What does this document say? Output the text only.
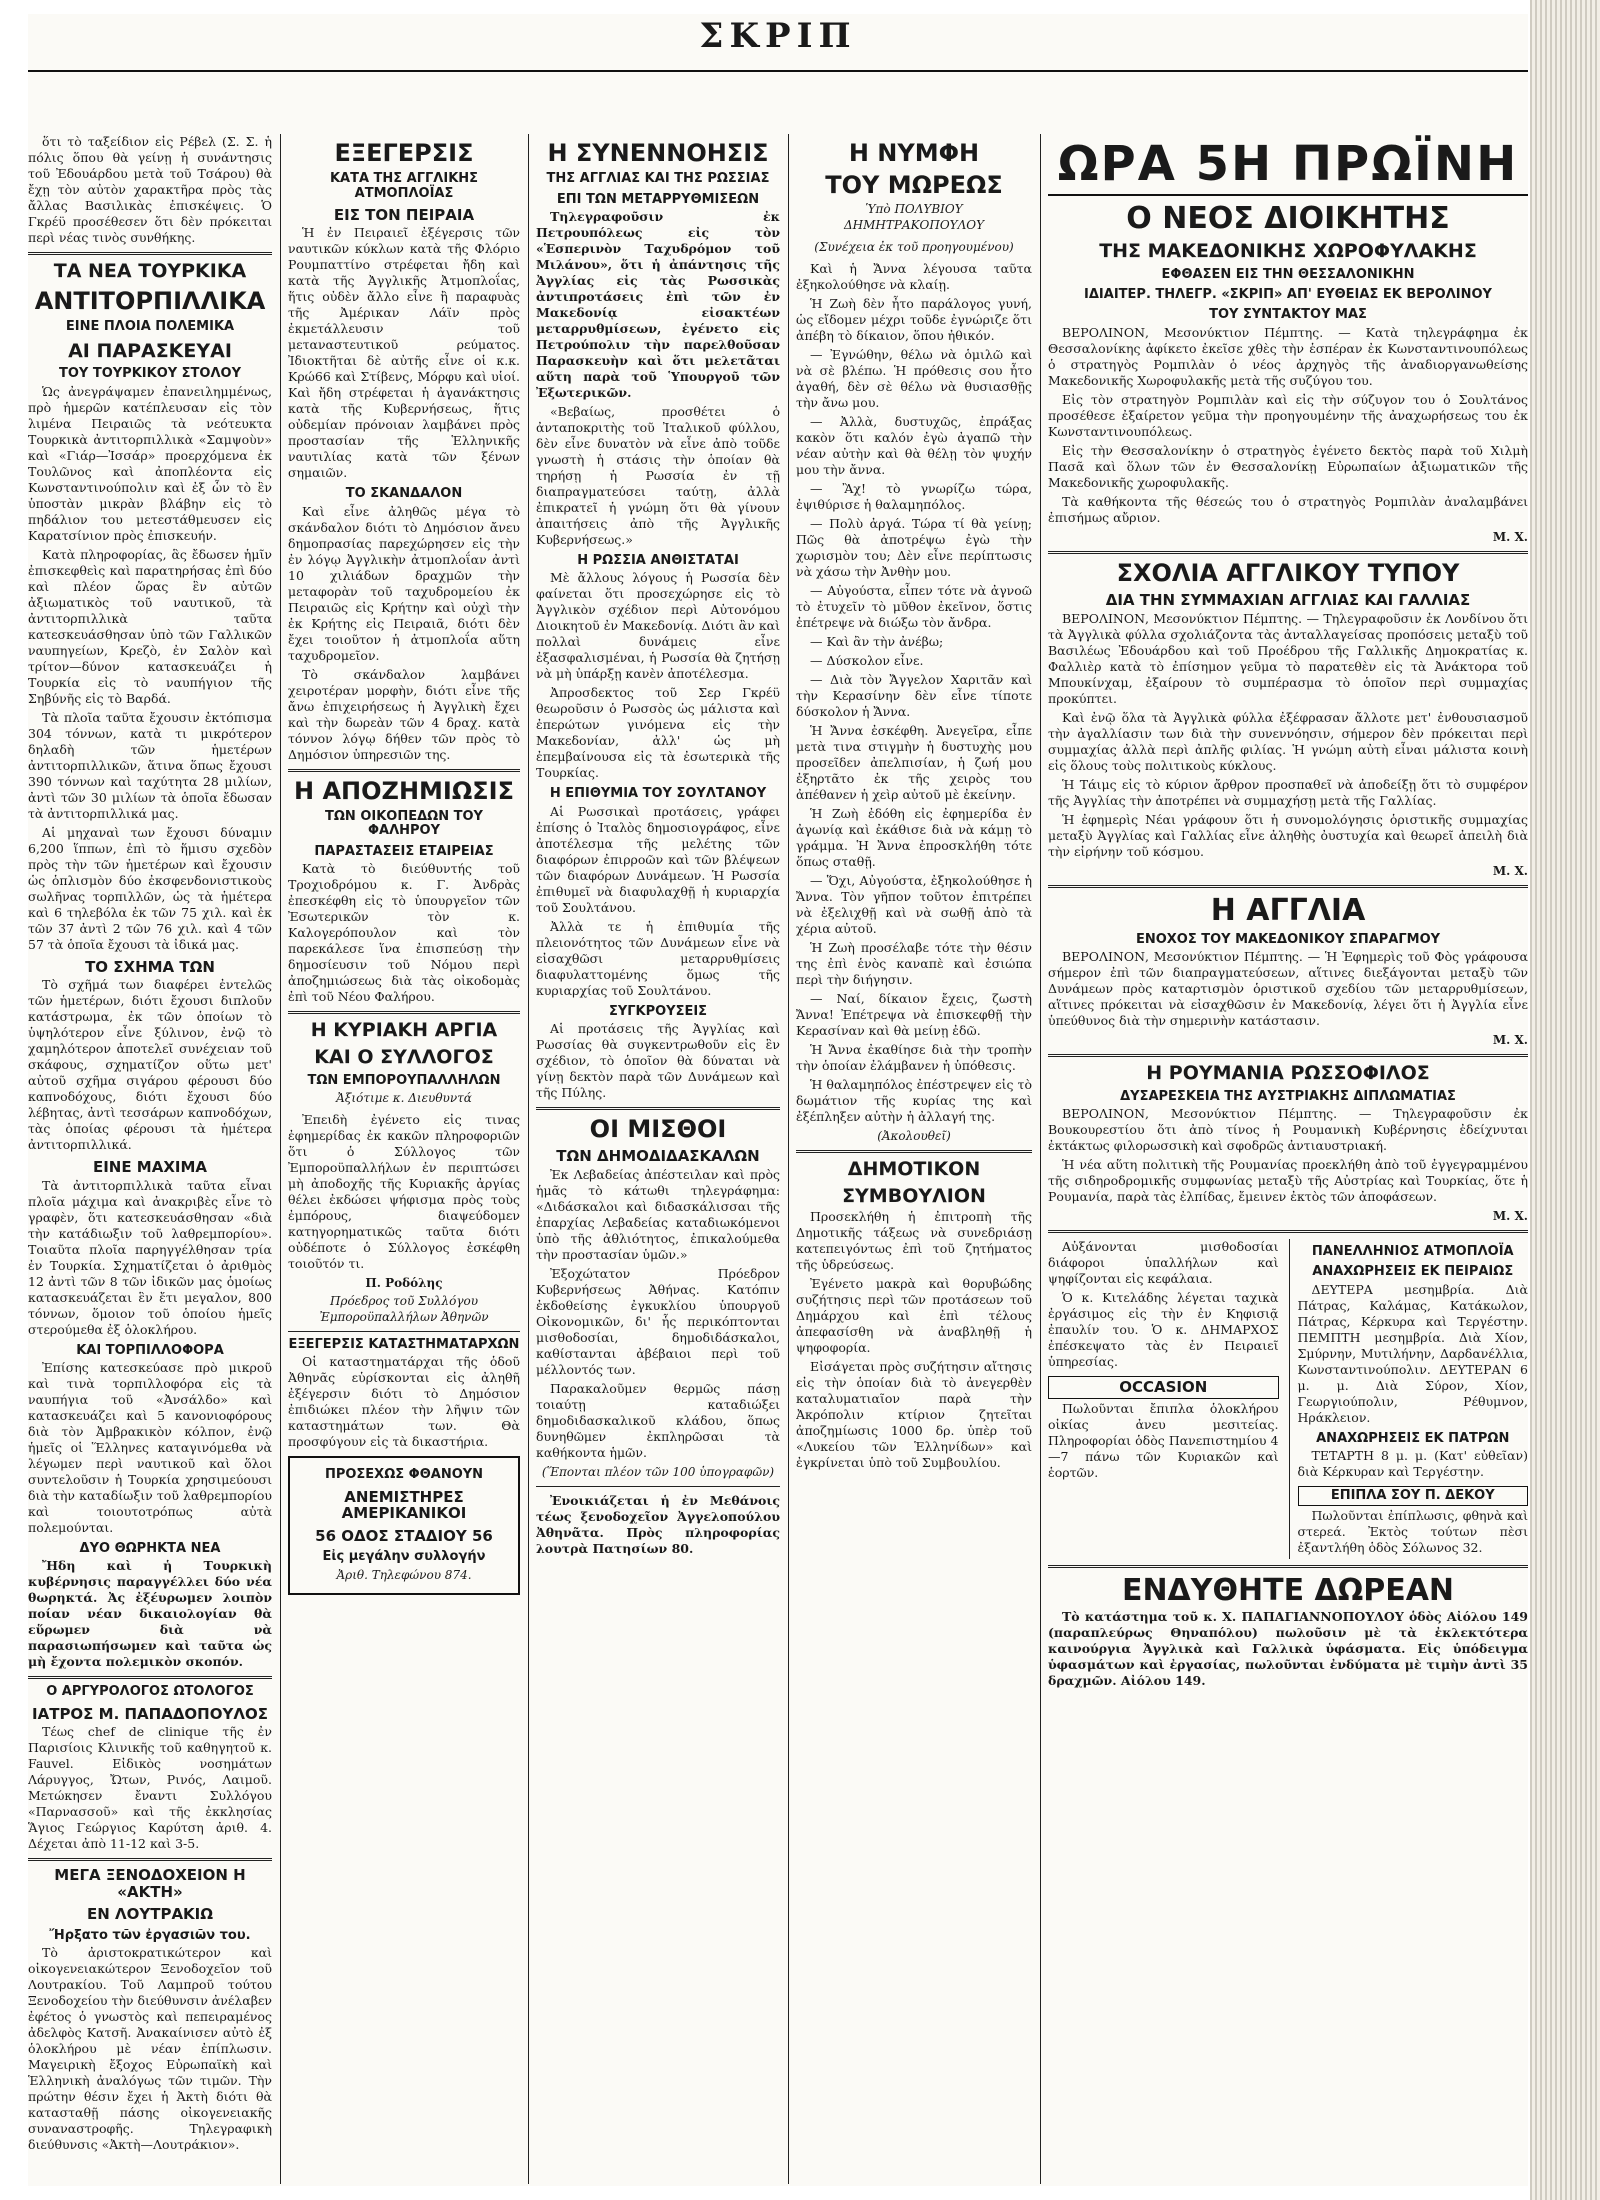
ΣΚΡΙΠ

ὅτι τὸ ταξείδιον εἰς Ρέβελ (Σ. Σ. ἡ πόλις ὅπου θὰ γείνῃ ἡ συνάντησις τοῦ Ἐδουάρδου μετὰ τοῦ Τσάρου) θὰ ἔχῃ τὸν αὐτὸν χαρακτῆρα πρὸς τὰς ἄλλας Βασιλικὰς ἐπισκέψεις. Ὁ Γκρέϋ προσέθεσεν ὅτι δὲν πρόκειται περὶ νέας τινὸς συνθήκης.

ΤΑ ΝΕΑ ΤΟΥΡΚΙΚΑ
ΑΝΤΙΤΟΡΠΙΛΛΙΚΑ
ΕΙΝΕ ΠΛΟΙΑ ΠΟΛΕΜΙΚΑ
ΑΙ ΠΑΡΑΣΚΕΥΑΙ
ΤΟΥ ΤΟΥΡΚΙΚΟΥ ΣΤΟΛΟΥ

Ὡς ἀνεγράψαμεν ἐπανειλημμένως, πρὸ ἡμερῶν κατέπλευσαν εἰς τὸν λιμένα Πειραιῶς τὰ νεότευκτα Τουρκικὰ ἀντιτορπιλλικὰ «Σαμψοὺν» καὶ «Γιάρ—Ἰσσάρ» προερχόμενα ἐκ Τουλῶνος καὶ ἀποπλέοντα εἰς Κωνσταντινούπολιν καὶ ἐξ ὧν τὸ ἓν ὑποστὰν μικρὰν βλάβην εἰς τὸ πηδάλιον του μετεστάθμευσεν εἰς Καρατσίνιον πρὸς ἐπισκευήν.

Κατὰ πληροφορίας, ἃς ἔδωσεν ἡμῖν ἐπισκεφθεὶς καὶ παρατηρήσας ἐπὶ δύο καὶ πλέον ὥρας ἓν αὐτῶν ἀξιωματικὸς τοῦ ναυτικοῦ, τὰ ἀντιτορπιλλικὰ ταῦτα κατεσκευάσθησαν ὑπὸ τῶν Γαλλικῶν ναυπηγείων, Κρεζὸ, ἐν Σαλὸν καὶ τρίτον—δύνον κατασκευάζει ἡ Τουρκία εἰς τὸ ναυπήγιον τῆς Σηβύνῆς εἰς τὸ Βαρδά.

Τὰ πλοῖα ταῦτα ἔχουσιν ἐκτόπισμα 304 τόννων, κατὰ τι μικρότερον δηλαδὴ τῶν ἡμετέρων ἀντιτορπιλλικῶν, ἅτινα ὅπως ἔχουσι 390 τόννων καὶ ταχύτητα 28 μιλίων, ἀντὶ τῶν 30 μιλίων τὰ ὁποῖα ἔδωσαν τὰ ἀντιτορπιλλικά μας.

Αἱ μηχαναὶ των ἔχουσι δύναμιν 6,200 ἵππων, ἐπὶ τὸ ἥμισυ σχεδὸν πρὸς τὴν τῶν ἡμετέρων καὶ ἔχουσιν ὡς ὁπλισμὸν δύο ἐκσφενδονιστικοὺς σωλῆνας τορπιλλῶν, ὡς τὰ ἡμέτερα καὶ 6 τηλεβόλα ἐκ τῶν 75 χιλ. καὶ ἐκ τῶν 37 ἀντὶ 2 τῶν 76 χιλ. καὶ 4 τῶν 57 τὰ ὁποῖα ἔχουσι τὰ ἰδικά μας.

ΤΟ ΣΧΗΜΑ ΤΩΝ

Τὸ σχῆμά των διαφέρει ἐντελῶς τῶν ἡμετέρων, διότι ἔχουσι διπλοῦν κατάστρωμα, ἐκ τῶν ὁποίων τὸ ὑψηλότερον εἶνε ξύλινον, ἐνῷ τὸ χαμηλότερον ἀποτελεῖ συνέχειαν τοῦ σκάφους, σχηματίζον οὕτω μετ' αὐτοῦ σχῆμα σιγάρου φέρουσι δύο καπνοδόχους, διότι ἔχουσι δύο λέβητας, ἀντὶ τεσσάρων καπνοδόχων, τὰς ὁποίας φέρουσι τὰ ἡμέτερα ἀντιτορπιλλικά.

ΕΙΝΕ ΜΑΧΙΜΑ

Τὰ ἀντιτορπιλλικὰ ταῦτα εἶναι πλοῖα μάχιμα καὶ ἀνακριβὲς εἶνε τὸ γραφὲν, ὅτι κατεσκευάσθησαν «διὰ τὴν κατάδιωξιν τοῦ λαθρεμπορίου». Τοιαῦτα πλοῖα παρηγγέλθησαν τρία ἐν Τουρκία. Σχηματίζεται ὁ ἀριθμὸς 12 ἀντὶ τῶν 8 τῶν ἰδικῶν μας ὁμοίως κατασκευάζεται ἓν ἔτι μεγαλον, 800 τόννων, ὅμοιον τοῦ ὁποίου ἡμεῖς στερούμεθα ἐξ ὁλοκλήρου.

ΚΑΙ ΤΟΡΠΙΛΛΟΦΟΡΑ

Ἐπίσης κατεσκεύασε πρὸ μικροῦ καὶ τινὰ τορπιλλοφόρα εἰς τὰ ναυπήγια τοῦ «Ἀνσάλδο» καὶ κατασκευάζει καὶ 5 κανονιοφόρους διὰ τὸν Ἀμβρακικὸν κόλπον, ἐνῷ ἡμεῖς οἱ Ἕλληνες καταγινόμεθα νὰ λέγωμεν περὶ ναυτικοῦ καὶ ὅλοι συντελοῦσιν ἡ Τουρκία χρησιμεύουσι διὰ τὴν καταδίωξιν τοῦ λαθρεμπορίου καὶ τοιουτοτρόπως αὐτὰ πολεμούνται.

ΔΥΟ ΘΩΡΗΚΤΑ ΝΕΑ

Ἤδη καὶ ἡ Τουρκικὴ κυβέρνησις παραγγέλλει δύο νέα θωρηκτά. Ἀς ἐξέυρωμεν λοιπὸν ποίαν νέαν δικαιολογίαν θὰ εὕρωμεν διὰ νὰ παρασιωπήσωμεν καὶ ταῦτα ὡς μὴ ἔχοντα πολεμικὸν σκοπόν.

Ο ΑΡΓΥΡΟΛΟΓΟΣ ΩΤΟΛΟΓΟΣ
ΙΑΤΡΟΣ Μ. ΠΑΠΑΔΟΠΟΥΛΟΣ

Τέως chef de clinique τῆς ἐν Παρισίοις Κλινικῆς τοῦ καθηγητοῦ κ. Fauvel. Εἰδικὸς νοσημάτων Λάρυγγος, Ὤτων, Ρινός, Λαιμοῦ. Μετώκησεν ἔναντι Συλλόγου «Παρνασσοῦ» καὶ τῆς ἐκκλησίας Ἅγιος Γεώργιος Καρύτση ἀριθ. 4. Δέχεται ἀπὸ 11-12 καὶ 3-5.

ΜΕΓΑ ΞΕΝΟΔΟΧΕΙΟΝ Η «ΑΚΤΗ»
ΕΝ ΛΟΥΤΡΑΚΙΩ
Ἤρξατο τῶν ἐργασιῶν του.

Τὸ ἀριστοκρατικώτερον καὶ οἰκογενειακώτερον Ξενοδοχεῖον τοῦ Λουτρακίου. Τοῦ Λαμπροῦ τούτου Ξενοδοχείου τὴν διεύθυνσιν ἀνέλαβεν ἐφέτος ὁ γνωστὸς καὶ πεπειραμένος ἀδελφὸς Κατσῆ. Ἀνακαίνισεν αὐτὸ ἐξ ὁλοκλήρου μὲ νέαν ἐπίπλωσιν. Μαγειρικὴ ἔξοχος Εὐρωπαϊκὴ καὶ Ἑλληνικὴ ἀναλόγως τῶν τιμῶν. Τὴν πρώτην θέσιν ἔχει ἡ Ἀκτὴ διότι θὰ κατασταθῇ πάσης οἰκογενειακῆς συναναστροφῆς. Τηλεγραφικὴ διεύθυνσις «Ἀκτὴ—Λουτράκιον».

ΕΞΕΓΕΡΣΙΣ
ΚΑΤΑ ΤΗΣ ΑΓΓΛΙΚΗΣ ΑΤΜΟΠΛΟΪΑΣ
ΕΙΣ ΤΟΝ ΠΕΙΡΑΙΑ

Ἡ ἐν Πειραιεῖ ἐξέγερσις τῶν ναυτικῶν κύκλων κατὰ τῆς Φλόριο Ρουμπαττίνο στρέφεται ἤδη καὶ κατὰ τῆς Ἀγγλικῆς Ἀτμοπλοΐας, ἥτις οὐδὲν ἄλλο εἶνε ἢ παραφυὰς τῆς Ἀμέρικαν Λάϊν πρὸς ἐκμετάλλευσιν τοῦ μεταναστευτικοῦ ρεύματος. Ἰδιοκτῆται δὲ αὐτῆς εἶνε οἱ κ.κ. Κρώ66 καὶ Στίβενς, Μόρφυ καὶ υἱοί. Καὶ ἤδη στρέφεται ἡ ἀγανάκτησις κατὰ τῆς Κυβερνήσεως, ἥτις οὐδεμίαν πρόνοιαν λαμβάνει πρὸς προστασίαν τῆς Ἑλληνικῆς ναυτιλίας κατὰ τῶν ξένων σημαιῶν.

ΤΟ ΣΚΑΝΔΑΛΟΝ

Καὶ εἶνε ἀληθῶς μέγα τὸ σκάνδαλον διότι τὸ Δημόσιον ἄνευ δημοπρασίας παρεχώρησεν εἰς τὴν ἐν λόγῳ Ἀγγλικὴν ἀτμοπλοΐαν ἀντὶ 10 χιλιάδων δραχμῶν τὴν μεταφορὰν τοῦ ταχυδρομείου ἐκ Πειραιῶς εἰς Κρήτην καὶ οὐχὶ τὴν ἐκ Κρήτης εἰς Πειραιᾶ, διότι δὲν ἔχει τοιοῦτον ἡ ἀτμοπλοΐα αὕτη ταχυδρομεῖον.

Τὸ σκάνδαλον λαμβάνει χειροτέραν μορφὴν, διότι εἶνε τῆς ἄνω ἐπιχειρήσεως ἡ Ἀγγλικὴ ἔχει καὶ τὴν δωρεὰν τῶν 4 δραχ. κατὰ τόννον λόγῳ δήθεν τῶν πρὸς τὸ Δημόσιον ὑπηρεσιῶν της.

Η ΑΠΟΖΗΜΙΩΣΙΣ
ΤΩΝ ΟΙΚΟΠΕΔΩΝ ΤΟΥ ΦΑΛΗΡΟΥ
ΠΑΡΑΣΤΑΣΕΙΣ ΕΤΑΙΡΕΙΑΣ

Κατὰ τὸ διεύθυντής τοῦ Τροχιοδρόμου κ. Γ. Ἀνδρὰς ἐπεσκέφθη εἰς τὸ ὑπουργεῖον τῶν Ἐσωτερικῶν τὸν κ. Καλογερόπουλον καὶ τὸν παρεκάλεσε ἵνα ἐπισπεύσῃ τὴν δημοσίευσιν τοῦ Νόμου περὶ ἀποζημιώσεως διὰ τὰς οἰκοδομὰς ἐπὶ τοῦ Νέου Φαλήρου.

Η ΚΥΡΙΑΚΗ ΑΡΓΙΑ
ΚΑΙ Ο ΣΥΛΛΟΓΟΣ
ΤΩΝ ΕΜΠΟΡΟΥΠΑΛΛΗΛΩΝ
Ἀξιότιμε κ. Διευθυντά

Ἐπειδὴ ἐγένετο εἰς τινας ἐφημερίδας ἐκ κακῶν πληροφοριῶν ὅτι ὁ Σύλλογος τῶν Ἐμποροϋπαλλήλων ἐν περιπτώσει μὴ ἀποδοχῆς τῆς Κυριακῆς ἀργίας θέλει ἐκδώσει ψήφισμα πρὸς τοὺς ἐμπόρους, διαψεύδομεν κατηγορηματικῶς ταῦτα διότι οὐδέποτε ὁ Σύλλογος ἐσκέφθη τοιοῦτόν τι.

Π. Ροδόλης
Πρόεδρος τοῦ Συλλόγου Ἐμποροϋπαλλήλων Ἀθηνῶν
ΕΞΕΓΕΡΣΙΣ ΚΑΤΑΣΤΗΜΑΤΑΡΧΩΝ

Οἱ καταστηματάρχαι τῆς ὁδοῦ Ἀθηνᾶς εὑρίσκονται εἰς ἀληθῆ ἐξέγερσιν διότι τὸ Δημόσιον ἐπιδιώκει πλέον τὴν λῆψιν τῶν καταστημάτων των. Θὰ προσφύγουν εἰς τὰ δικαστήρια.

ΠΡΟΣΕΧΩΣ ΦΘΑΝΟΥΝ
ΑΝΕΜΙΣΤΗΡΕΣ ΑΜΕΡΙΚΑΝΙΚΟΙ
56 ΟΔΟΣ ΣΤΑΔΙΟΥ 56
Εἰς μεγάλην συλλογήν
Ἀριθ. Τηλεφώνου 874.
Η ΣΥΝΕΝΝΟΗΣΙΣ
ΤΗΣ ΑΓΓΛΙΑΣ ΚΑΙ ΤΗΣ ΡΩΣΣΙΑΣ
ΕΠΙ ΤΩΝ ΜΕΤΑΡΡΥΘΜΙΣΕΩΝ

Τηλεγραφοῦσιν ἐκ Πετρουπόλεως εἰς τὸν «Ἑσπερινὸν Ταχυδρόμον τοῦ Μιλάνου», ὅτι ἡ ἀπάντησις τῆς Ἀγγλίας εἰς τὰς Ρωσσικὰς ἀντιπροτάσεις ἐπὶ τῶν ἐν Μακεδονίᾳ εἰσακτέων μεταρρυθμίσεων, ἐγένετο εἰς Πετρούπολιν τὴν παρελθοῦσαν Παρασκευὴν καὶ ὅτι μελετᾶται αὕτη παρὰ τοῦ Ὑπουργοῦ τῶν Ἐξωτερικῶν.

«Βεβαίως, προσθέτει ὁ ἀνταποκριτὴς τοῦ Ἰταλικοῦ φύλλου, δὲν εἶνε δυνατὸν νὰ εἶνε ἀπὸ τοῦδε γνωστὴ ἡ στάσις τὴν ὁποίαν θὰ τηρήσῃ ἡ Ρωσσία ἐν τῇ διαπραγματεύσει ταύτῃ, ἀλλὰ ἐπικρατεῖ ἡ γνώμη ὅτι θὰ γίνουν ἀπαιτήσεις ἀπὸ τῆς Ἀγγλικῆς Κυβερνήσεως.»

Η ΡΩΣΣΙΑ ΑΝΘΙΣΤΑΤΑΙ

Μὲ ἄλλους λόγους ἡ Ρωσσία δὲν φαίνεται ὅτι προσεχώρησε εἰς τὸ Ἀγγλικὸν σχέδιον περὶ Αὐτονόμου Διοικητοῦ ἐν Μακεδονίᾳ. Διότι ἂν καὶ πολλαὶ δυνάμεις εἶνε ἐξασφαλισμέναι, ἡ Ρωσσία θὰ ζητήσῃ νὰ μὴ ὑπάρξῃ κανὲν ἀποτέλεσμα.

Ἀπροσδεκτος τοῦ Σερ Γκρέϋ θεωροῦσιν ὁ Ρωσσὸς ὡς μάλιστα καὶ ἐπερώτων γινόμενα εἰς τὴν Μακεδονίαν, ἀλλ' ὡς μὴ ἐπεμβαίνουσα εἰς τὰ ἐσωτερικὰ τῆς Τουρκίας.

Η ΕΠΙΘΥΜΙΑ ΤΟΥ ΣΟΥΛΤΑΝΟΥ

Αἱ Ρωσσικαὶ προτάσεις, γράφει ἐπίσης ὁ Ἰταλὸς δημοσιογράφος, εἶνε ἀποτέλεσμα τῆς μελέτης τῶν διαφόρων ἐπιρροῶν καὶ τῶν βλέψεων τῶν διαφόρων Δυνάμεων. Ἡ Ρωσσία ἐπιθυμεῖ νὰ διαφυλαχθῇ ἡ κυριαρχία τοῦ Σουλτάνου.

Ἀλλὰ τε ἡ ἐπιθυμία τῆς πλειονότητος τῶν Δυνάμεων εἶνε νὰ εἰσαχθῶσι μεταρρυθμίσεις διαφυλαττομένης ὅμως τῆς κυριαρχίας τοῦ Σουλτάνου.

ΣΥΓΚΡΟΥΣΕΙΣ

Αἱ προτάσεις τῆς Ἀγγλίας καὶ Ρωσσίας θὰ συγκεντρωθοῦν εἰς ἓν σχέδιον, τὸ ὁποῖον θὰ δύναται νὰ γίνῃ δεκτὸν παρὰ τῶν Δυνάμεων καὶ τῆς Πύλης.

ΟΙ ΜΙΣΘΟΙ
ΤΩΝ ΔΗΜΟΔΙΔΑΣΚΑΛΩΝ

Ἐκ Λεβαδείας ἀπέστειλαν καὶ πρὸς ἡμᾶς τὸ κάτωθι τηλεγράφημα: «Διδάσκαλοι καὶ διδασκάλισσαι τῆς ἐπαρχίας Λεβαδείας καταδιωκόμενοι ὑπὸ τῆς ἀθλιότητος, ἐπικαλούμεθα τὴν προστασίαν ὑμῶν.»

Ἐξοχώτατον Πρόεδρον Κυβερνήσεως Ἀθήνας. Κατόπιν ἐκδοθείσης ἐγκυκλίου ὑπουργοῦ Οἰκονομικῶν, δι' ἧς περικόπτονται μισθοδοσίαι, δημοδιδάσκαλοι, καθίστανται ἀβέβαιοι περὶ τοῦ μέλλοντός των.

Παρακαλοῦμεν θερμῶς πάσῃ τοιαύτῃ καταδιώξει δημοδιδασκαλικοῦ κλάδου, ὅπως δυνηθῶμεν ἐκπληρῶσαι τὰ καθήκοντα ἡμῶν.

(Ἕπονται πλέον τῶν 100 ὑπογραφῶν)

Ἐνοικιάζεται ἡ ἐν Μεθάνοις τέως ξενοδοχεῖον Ἀγγελοπούλου Ἀθηνᾶτα. Πρὸς πληροφορίας λουτρὰ Πατησίων 80.

Η ΝΥΜΦΗ
ΤΟΥ ΜΩΡΕΩΣ
Ὑπὸ ΠΟΛΥΒΙΟΥ ΔΗΜΗΤΡΑΚΟΠΟΥΛΟΥ
(Συνέχεια ἐκ τοῦ προηγουμένου)

Καὶ ἡ Ἄννα λέγουσα ταῦτα ἐξηκολούθησε νὰ κλαίῃ.

Ἡ Ζωὴ δὲν ἦτο παράλογος γυνή, ὡς εἴδομεν μέχρι τοῦδε ἐγνώριζε ὅτι ἀπέβη τὸ δίκαιον, ὅπου ἠθικόν.

— Ἐγνώθην, θέλω νὰ ὁμιλῶ καὶ νὰ σὲ βλέπω. Ἡ πρόθεσις σου ἦτο ἀγαθή, δὲν σὲ θέλω νὰ θυσιασθῇς τὴν ἄνω μου.

— Ἀλλὰ, δυστυχῶς, ἐπράξας κακὸν ὅτι καλόν ἐγὼ ἀγαπῶ τὴν νέαν αὐτὴν καὶ θὰ θέλῃ τὸν ψυχήν μου τὴν ἄννα.

— Ἂχ! τὸ γνωρίζω τώρα, ἐψιθύρισε ἡ θαλαμηπόλος.

— Πολὺ ἀργά. Τώρα τί θὰ γείνῃ; Πῶς θὰ ἀποτρέψω ἐγὼ τὴν χωρισμὸν του; Δὲν εἶνε περίπτωσις νὰ χάσω τὴν Ἀνθὴν μου.

— Αὐγούστα, εἶπεν τότε νὰ ἀγνοῶ τὸ ἐτυχεῖν τὸ μῦθον ἐκεῖνον, ὅστις ἐπέτρεψε νὰ διώξω τὸν ἄνδρα.

— Καὶ ἂν τὴν ἀνέβω;

— Δύσκολον εἶνε.

— Διὰ τὸν Ἄγγελον Χαριτᾶν καὶ τὴν Κερασίνην δὲν εἶνε τίποτε δύσκολον ἡ Ἄννα.

Ἡ Ἄννα ἐσκέφθη. Ἀνεγεῖρα, εἶπε μετὰ τινα στιγμὴν ἡ δυστυχὴς μου προσεῖδεν ἀπελπισίαν, ἡ ζωή μου ἐξηρτᾶτο ἐκ τῆς χειρὸς του ἀπέθανεν ἡ χεὶρ αὐτοῦ μὲ ἐκείνην.

Ἡ Ζωὴ ἐδόθη εἰς ἐφημερίδα ἐν ἀγωνίᾳ καὶ ἐκάθισε διὰ νὰ κάμῃ τὸ γράμμα. Ἡ Ἄννα ἐπροσκλήθη τότε ὅπως σταθῇ.

— Ὅχι, Αὐγούστα, ἐξηκολούθησε ἡ Ἄννα. Τὸν γῆπον τοῦτον ἐπιτρέπει νὰ ἐξελιχθῇ καὶ νὰ σωθῇ ἀπὸ τὰ χέρια αὐτοῦ.

Ἡ Ζωὴ προσέλαβε τότε τὴν θέσιν της ἐπὶ ἑνὸς καναπὲ καὶ ἐσιώπα περὶ τὴν διήγησιν.

— Ναί, δίκαιον ἔχεις, ζωστὴ Ἄννα! Ἐπέτρεψα νὰ ἐπισκεφθῇ τὴν Κερασίναν καὶ θὰ μείνῃ ἐδῶ.

Ἡ Ἄννα ἐκαθίησε διὰ τὴν τροπὴν τὴν ὁποίαν ἐλάμβανεν ἡ ὑπόθεσις.

Ἡ θαλαμηπόλος ἐπέστρεψεν εἰς τὸ δωμάτιον τῆς κυρίας της καὶ ἐξέπληξεν αὐτὴν ἡ ἀλλαγή της.

(Ἀκολουθεῖ)
ΔΗΜΟΤΙΚΟΝ
ΣΥΜΒΟΥΛΙΟΝ

Προσεκλήθη ἡ ἐπιτροπὴ τῆς Δημοτικῆς τάξεως νὰ συνεδριάσῃ κατεπειγόντως ἐπὶ τοῦ ζητήματος τῆς ὑδρεύσεως.

Ἐγένετο μακρὰ καὶ θορυβώδης συζήτησις περὶ τῶν προτάσεων τοῦ Δημάρχου καὶ ἐπὶ τέλους ἀπεφασίσθη νὰ ἀναβληθῇ ἡ ψηφοφορία.

Εἰσάγεται πρὸς συζήτησιν αἴτησις εἰς τὴν ὁποίαν διὰ τὸ ἀνεγερθὲν καταλυματιαῖον παρὰ τὴν Ἀκρόπολιν κτίριον ζητεῖται ἀποζημίωσις 1000 δρ. ὑπὲρ τοῦ «Λυκείου τῶν Ἑλληνίδων» καὶ ἐγκρίνεται ὑπὸ τοῦ Συμβουλίου.

ΩΡΑ 5Η ΠΡΩΪΝΗ
Ο ΝΕΟΣ ΔΙΟΙΚΗΤΗΣ
ΤΗΣ ΜΑΚΕΔΟΝΙΚΗΣ ΧΩΡΟΦΥΛΑΚΗΣ
ΕΦΘΑΣΕΝ ΕΙΣ ΤΗΝ ΘΕΣΣΑΛΟΝΙΚΗΝ
ΙΔΙΑΙΤΕΡ. ΤΗΛΕΓΡ. «ΣΚΡΙΠ» ΑΠ' ΕΥΘΕΙΑΣ ΕΚ ΒΕΡΟΛΙΝΟΥ
ΤΟΥ ΣΥΝΤΑΚΤΟΥ ΜΑΣ

ΒΕΡΟΛΙΝΟΝ, Μεσονύκτιον Πέμπτης. — Κατὰ τηλεγράφημα ἐκ Θεσσαλονίκης ἀφίκετο ἐκεῖσε χθὲς τὴν ἑσπέραν ἐκ Κωνσταντινουπόλεως ὁ στρατηγὸς Ρομπιλὰν ὁ νέος ἀρχηγὸς τῆς ἀναδιοργανωθείσης Μακεδονικῆς Χωροφυλακῆς μετὰ τῆς συζύγου του.

Εἰς τὸν στρατηγὸν Ρομπιλὰν καὶ εἰς τὴν σύζυγον του ὁ Σουλτάνος προσέθεσε ἐξαίρετον γεῦμα τὴν προηγουμένην τῆς ἀναχωρήσεως του ἐκ Κωνσταντινουπόλεως.

Εἰς τὴν Θεσσαλονίκην ὁ στρατηγὸς ἐγένετο δεκτὸς παρὰ τοῦ Χιλμὴ Πασᾶ καὶ ὅλων τῶν ἐν Θεσσαλονίκῃ Εὐρωπαίων ἀξιωματικῶν τῆς Μακεδονικῆς χωροφυλακῆς.

Τὰ καθήκοντα τῆς θέσεώς του ὁ στρατηγὸς Ρομπιλὰν ἀναλαμβάνει ἐπισήμως αὔριον.

Μ. Χ.
ΣΧΟΛΙΑ ΑΓΓΛΙΚΟΥ ΤΥΠΟΥ
ΔΙΑ ΤΗΝ ΣΥΜΜΑΧΙΑΝ ΑΓΓΛΙΑΣ ΚΑΙ ΓΑΛΛΙΑΣ

ΒΕΡΟΛΙΝΟΝ, Μεσονύκτιον Πέμπτης. — Τηλεγραφοῦσιν ἐκ Λονδίνου ὅτι τὰ Ἀγγλικὰ φύλλα σχολιάζοντα τὰς ἀνταλλαγείσας προπόσεις μεταξὺ τοῦ Βασιλέως Ἐδουάρδου καὶ τοῦ Προέδρου τῆς Γαλλικῆς Δημοκρατίας κ. Φαλλιὲρ κατὰ τὸ ἐπίσημον γεῦμα τὸ παρατεθὲν εἰς τὰ Ἀνάκτορα τοῦ Μπουκίνχαμ, ἐξαίρουν τὸ συμπέρασμα τὸ ὁποῖον περὶ συμμαχίας προκύπτει.

Καὶ ἐνῷ ὅλα τὰ Ἀγγλικὰ φύλλα ἐξέφρασαν ἄλλοτε μετ' ἐνθουσιασμοῦ τὴν ἀγαλλίασιν των διὰ τὴν συνεννόησιν, σήμερον δὲν πρόκειται περὶ συμμαχίας ἀλλὰ περὶ ἀπλῆς φιλίας. Ἡ γνώμη αὐτὴ εἶναι μάλιστα κοινὴ εἰς ὅλους τοὺς πολιτικοὺς κύκλους.

Ἡ Τάιμς εἰς τὸ κύριον ἄρθρον προσπαθεῖ νὰ ἀποδείξῃ ὅτι τὸ συμφέρον τῆς Ἀγγλίας τὴν ἀποτρέπει νὰ συμμαχήσῃ μετὰ τῆς Γαλλίας.

Ἡ ἐφημερὶς Νέαι γράφουν ὅτι ἡ συνομολόγησις ὁριστικῆς συμμαχίας μεταξὺ Ἀγγλίας καὶ Γαλλίας εἶνε ἀληθὴς ὀυστυχία καὶ θεωρεῖ ἀπειλὴ διὰ τὴν εἰρήνην τοῦ κόσμου.

Μ. Χ.
Η ΑΓΓΛΙΑ
ΕΝΟΧΟΣ ΤΟΥ ΜΑΚΕΔΟΝΙΚΟΥ ΣΠΑΡΑΓΜΟΥ

ΒΕΡΟΛΙΝΟΝ, Μεσονύκτιον Πέμπτης. — Ἡ Ἐφημερὶς τοῦ Φὸς γράφουσα σήμερον ἐπὶ τῶν διαπραγματεύσεων, αἵτινες διεξάγονται μεταξὺ τῶν Δυνάμεων πρὸς καταρτισμὸν ὁριστικοῦ σχεδίου τῶν μεταρρυθμίσεων, αἵτινες πρόκειται νὰ εἰσαχθῶσιν ἐν Μακεδονίᾳ, λέγει ὅτι ἡ Ἀγγλία εἶνε ὑπεύθυνος διὰ τὴν σημερινὴν κατάστασιν.

Μ. Χ.
Η ΡΟΥΜΑΝΙΑ ΡΩΣΣΟΦΙΛΟΣ
ΔΥΣΑΡΕΣΚΕΙΑ ΤΗΣ ΑΥΣΤΡΙΑΚΗΣ ΔΙΠΛΩΜΑΤΙΑΣ

ΒΕΡΟΛΙΝΟΝ, Μεσονύκτιον Πέμπτης. — Τηλεγραφοῦσιν ἐκ Βουκουρεστίου ὅτι ἀπὸ τίνος ἡ Ρουμανικὴ Κυβέρνησις ἐδείχνυται ἐκτάκτως φιλορωσσικὴ καὶ σφοδρῶς ἀντιαυστριακή.

Ἡ νέα αὕτη πολιτικὴ τῆς Ρουμανίας προεκλήθη ἀπὸ τοῦ ἐγγεγραμμένου τῆς σιδηροδρομικῆς συμφωνίας μεταξὺ τῆς Αὐστρίας καὶ Τουρκίας, ὅτε ἡ Ρουμανία, παρὰ τὰς ἐλπίδας, ἔμεινεν ἐκτὸς τῶν ἀποφάσεων.

Μ. Χ.

Αὐξάνονται μισθοδοσίαι διάφοροι ὑπαλλήλων καὶ ψηφίζονται εἰς κεφάλαια.

Ὁ κ. Κιτελάδης λέγεται ταχικὰ ἐργάσιμος εἰς τὴν ἐν Κηφισιᾷ ἐπαυλίν του. Ὁ κ. ΔΗΜΑΡΧΟΣ ἐπέσκεψατο τὰς ἐν Πειραιεῖ ὑπηρεσίας.

OCCASION

Πωλοῦνται ἔπιπλα ὁλοκλήρου οἰκίας ἀνευ μεσιτείας. Πληροφορίαι ὁδὸς Πανεπιστημίου 4—7 πάνω τῶν Κυριακῶν καὶ ἑορτῶν.

ΠΑΝΕΛΛΗΝΙΟΣ ΑΤΜΟΠΛΟΪΑ
ΑΝΑΧΩΡΗΣΕΙΣ ΕΚ ΠΕΙΡΑΙΩΣ

ΔΕΥΤΕΡΑ μεσημβρία. Διὰ Πάτρας, Καλάμας, Κατάκωλον, Πάτρας, Κέρκυρα καὶ Τεργέστην. ΠΕΜΠΤΗ μεσημβρία. Διὰ Χίον, Σμύρνην, Μυτιλήνην, Δαρδανέλλια, Κωνσταντινούπολιν. ΔΕΥΤΕΡΑΝ 6 μ. μ. Διὰ Σύρον, Χίον, Γεωργιούπολιν, Ρέθυμνον, Ηράκλειον.

ΑΝΑΧΩΡΗΣΕΙΣ ΕΚ ΠΑΤΡΩΝ

ΤΕΤΑΡΤΗ 8 μ. μ. (Κατ' εὐθεῖαν) διὰ Κέρκυραν καὶ Τεργέστην.

ΕΠΙΠΛΑ ΣΟΥ Π. ΔΕΚΟΥ

Πωλοῦνται ἐπίπλωσις, φθηνὰ καὶ στερεά. Ἐκτὸς τούτων πὲσι ἐξαντλήθη ὁδὸς Σόλωνος 32.

ΕΝΔΥΘΗΤΕ ΔΩΡΕΑΝ

Τὸ κατάστημα τοῦ κ. Χ. ΠΑΠΑΓΙΑΝΝΟΠΟΥΛΟΥ ὁδὸς Αἰόλου 149 (παραπλεύρως Θηναπόλου) πωλοῦσιν μὲ τὰ ἐκλεκτότερα καινούργια Ἀγγλικὰ καὶ Γαλλικὰ ὑφάσματα. Εἰς ὑπόδειγμα ὑφασμάτων καὶ ἐργασίας, πωλοῦνται ἐνδύματα μὲ τιμὴν ἀντὶ 35 δραχμῶν. Αἰόλου 149.
